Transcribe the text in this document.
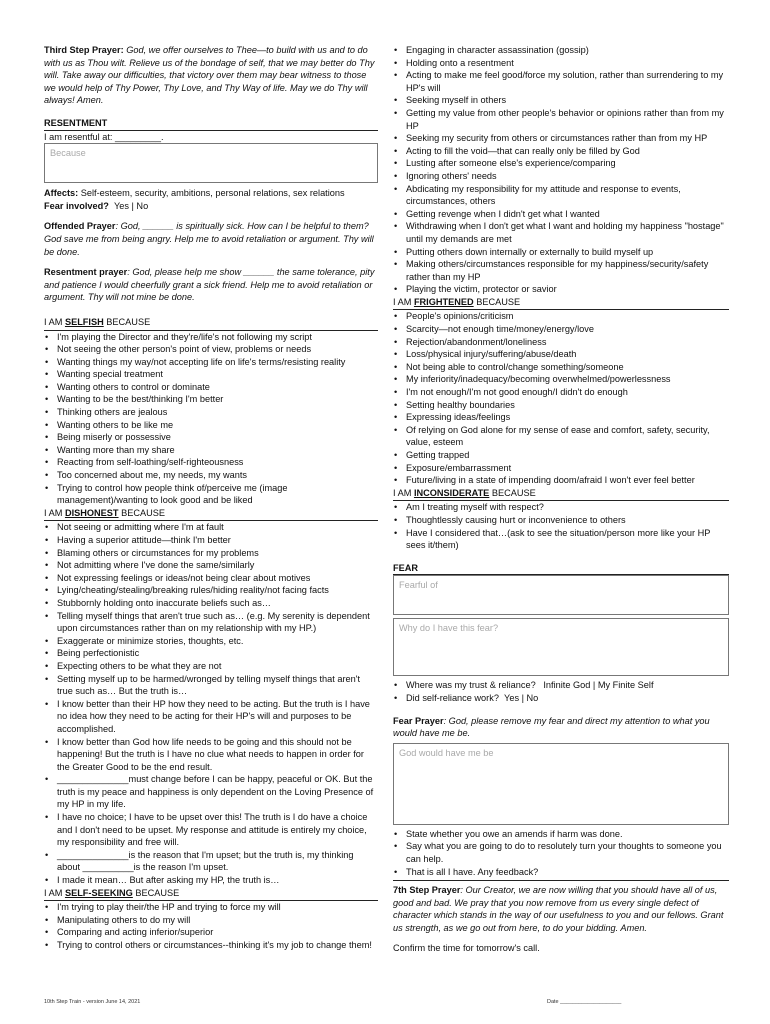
Third Step Prayer: God, we offer ourselves to Thee—to build with us and to do with us as Thou wilt. Relieve us of the bondage of self, that we may better do Thy will. Take away our difficulties, that victory over them may bear witness to those we would help of Thy Power, Thy Love, and Thy Way of life. May we do Thy will always! Amen.

RESENTMENT

I am resentful at: _________.

Because

Affects: Self-esteem, security, ambitions, personal relations, sex relations

Fear involved? Yes | No

Offended Prayer: God, ______ is spiritually sick. How can I be helpful to them? God save me from being angry. Help me to avoid retaliation or argument. Thy will be done.

Resentment prayer: God, please help me show ______ the same tolerance, pity and patience I would cheerfully grant a sick friend. Help me to avoid retaliation or argument. Thy will not mine be done.

I AM SELFISH BECAUSE

• I'm playing the Director and they're/life's not following my script
• Not seeing the other person's point of view, problems or needs
• Wanting things my way/not accepting life on life's terms/resisting reality
• Wanting special treatment
• Wanting others to control or dominate
• Wanting to be the best/thinking I'm better
• Thinking others are jealous
• Wanting others to be like me
• Being miserly or possessive
• Wanting more than my share
• Reacting from self-loathing/self-righteousness
• Too concerned about me, my needs, my wants
• Trying to control how people think of/perceive me (image management)/wanting to look good and be liked

I AM DISHONEST BECAUSE

• Not seeing or admitting where I'm at fault
• Having a superior attitude—think I'm better
• Blaming others or circumstances for my problems
• Not admitting where I've done the same/similarly
• Not expressing feelings or ideas/not being clear about motives
• Lying/cheating/stealing/breaking rules/hiding reality/not facing facts
• Stubbornly holding onto inaccurate beliefs such as…
• Telling myself things that aren't true such as… (e.g. My serenity is dependent upon circumstances rather than on my relationship with my HP.)
• Exaggerate or minimize stories, thoughts, etc.
• Being perfectionistic
• Expecting others to be what they are not
• Setting myself up to be harmed/wronged by telling myself things that aren't true such as… But the truth is…
• I know better than their HP how they need to be acting. But the truth is I have no idea how they need to be acting for their HP's will and purposes to be accomplished.
• I know better than God how life needs to be going and this should not be happening! But the truth is I have no clue what needs to happen in order for the Greater Good to be the end result.
• ______________must change before I can be happy, peaceful or OK. But the truth is my peace and happiness is only dependent on the Loving Presence of my HP in my life.
• I have no choice; I have to be upset over this! The truth is I do have a choice and I don't need to be upset. My response and attitude is entirely my choice, my responsibility and free will.
• ______________is the reason that I'm upset; but the truth is, my thinking about __________is the reason I'm upset.
• I made it mean… But after asking my HP, the truth is…

I AM SELF-SEEKING BECAUSE

• I'm trying to play their/the HP and trying to force my will
• Manipulating others to do my will
• Comparing and acting inferior/superior
• Trying to control others or circumstances--thinking it's my job to change them!
• Engaging in character assassination (gossip)
• Holding onto a resentment
• Acting to make me feel good/force my solution, rather than surrendering to my HP's will
• Seeking myself in others
• Getting my value from other people's behavior or opinions rather than from my HP
• Seeking my security from others or circumstances rather than from my HP
• Acting to fill the void—that can really only be filled by God
• Lusting after someone else's experience/comparing
• Ignoring others' needs
• Abdicating my responsibility for my attitude and response to events, circumstances, others
• Getting revenge when I didn't get what I wanted
• Withdrawing when I don't get what I want and holding my happiness "hostage" until my demands are met
• Putting others down internally or externally to build myself up
• Making others/circumstances responsible for my happiness/security/safety rather than my HP
• Playing the victim, protector or savior

I AM FRIGHTENED BECAUSE

• People's opinions/criticism
• Scarcity—not enough time/money/energy/love
• Rejection/abandonment/loneliness
• Loss/physical injury/suffering/abuse/death
• Not being able to control/change something/someone
• My inferiority/inadequacy/becoming overwhelmed/powerlessness
• I'm not enough/I'm not good enough/I didn't do enough
• Setting healthy boundaries
• Expressing ideas/feelings
• Of relying on God alone for my sense of ease and comfort, safety, security, value, esteem
• Getting trapped
• Exposure/embarrassment
• Future/living in a state of impending doom/afraid I won't ever feel better

I AM INCONSIDERATE BECAUSE

• Am I treating myself with respect?
• Thoughtlessly causing hurt or inconvenience to others
• Have I considered that…(ask to see the situation/person more like your HP sees it/them)

FEAR

Fearful of
Why do I have this fear?
• Where was my trust & reliance? Infinite God | My Finite Self
• Did self-reliance work? Yes | No

Fear Prayer: God, please remove my fear and direct my attention to what you would have me be.

God would have me be
• State whether you owe an amends if harm was done.
• Say what you are going to do to resolutely turn your thoughts to someone you can help.
• That is all I have. Any feedback?

7th Step Prayer: Our Creator, we are now willing that you should have all of us, good and bad. We pray that you now remove from us every single defect of character which stands in the way of our usefulness to you and our fellows. Grant us strength, as we go out from here, to do your bidding. Amen.

Confirm the time for tomorrow's call.

10th Step Train - version June 14, 2021	Date ____________________
